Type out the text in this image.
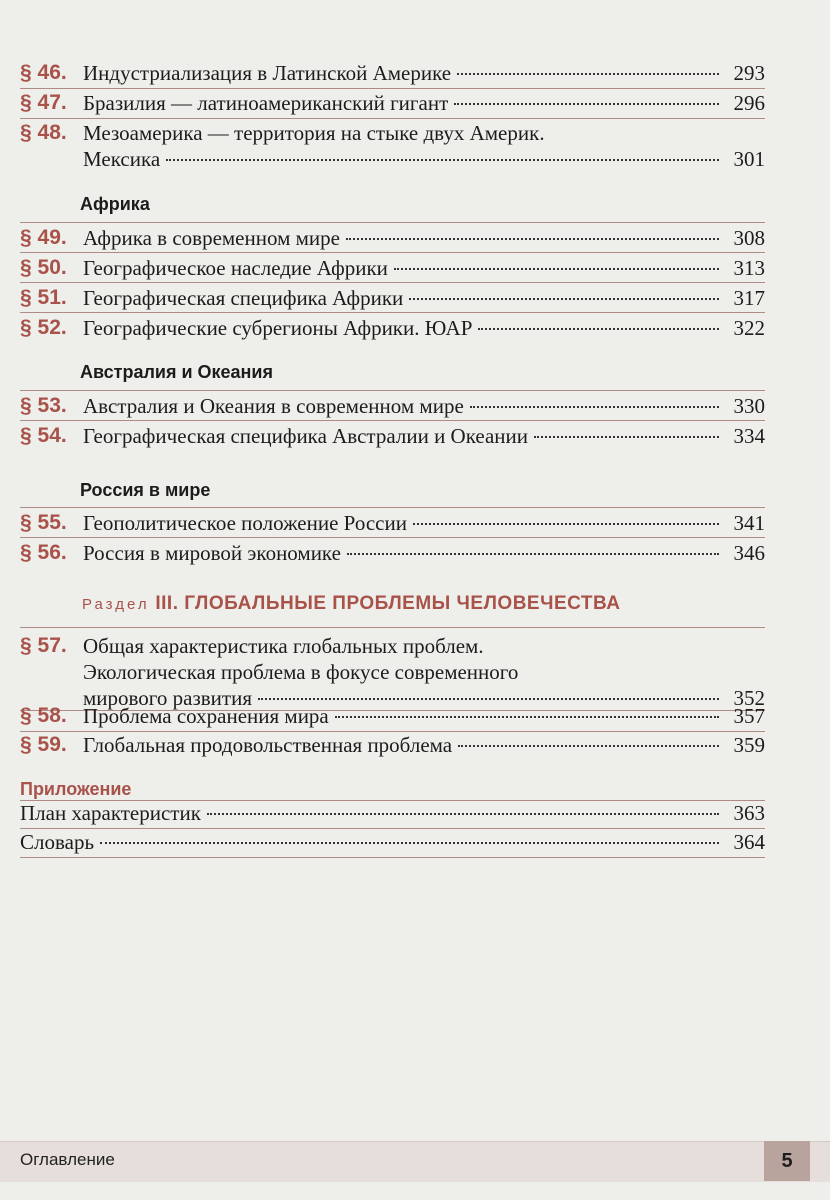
§ 46. Индустриализация в Латинской Америке	293
§ 47. Бразилия — латиноамериканский гигант	296
§ 48. Мезоамерика — территория на стыке двух Америк.
Мексика	301
Африка
§ 49. Африка в современном мире	308
§ 50. Географическое наследие Африки	313
§ 51. Географическая специфика Африки	317
§ 52. Географические субрегионы Африки. ЮАР	322
Австралия и Океания
§ 53. Австралия и Океания в современном мире	330
§ 54. Географическая специфика Австралии и Океании	334
Россия в мире
§ 55. Геополитическое положение России	341
§ 56. Россия в мировой экономике	346
Раздел III. ГЛОБАЛЬНЫЕ ПРОБЛЕМЫ ЧЕЛОВЕЧЕСТВА
§ 57. Общая характеристика глобальных проблем.
Экологическая проблема в фокусе современного
мирового развития	352
§ 58. Проблема сохранения мира	357
§ 59. Глобальная продовольственная проблема	359
Приложение
План характеристик	363
Словарь	364
Оглавление	5
